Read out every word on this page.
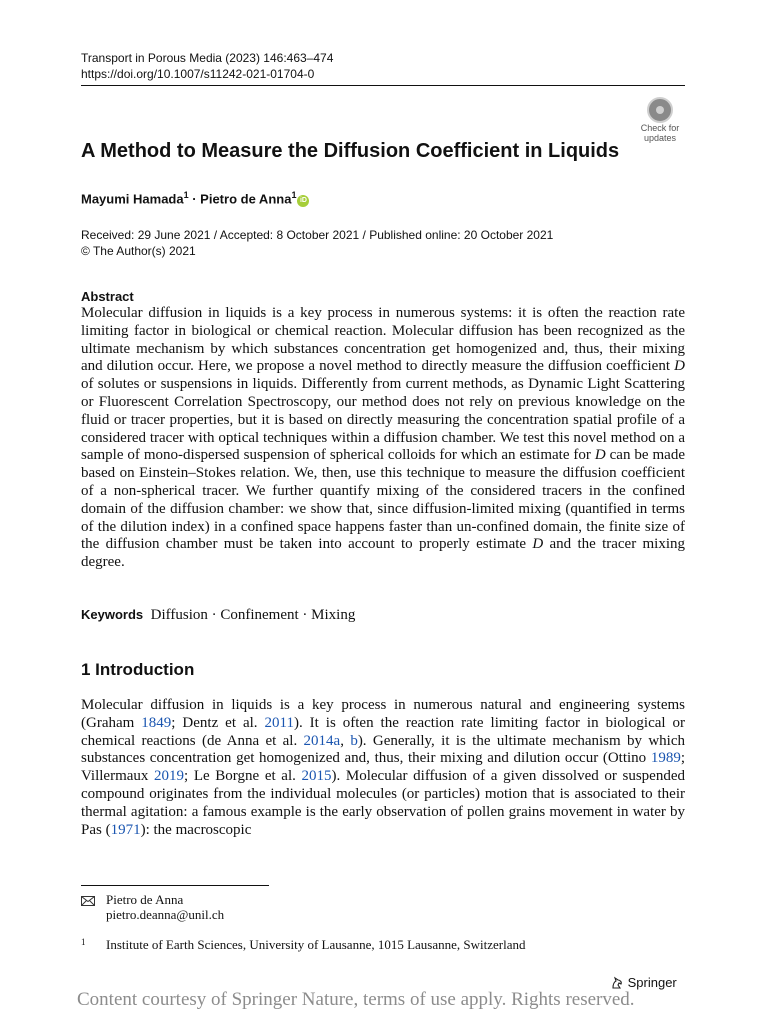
Transport in Porous Media (2023) 146:463–474
https://doi.org/10.1007/s11242-021-01704-0
Check for
updates
A Method to Measure the Diffusion Coefficient in Liquids
Mayumi Hamada$^1$ · Pietro de Anna$^1$iD
Received: 29 June 2021 / Accepted: 8 October 2021 / Published online: 20 October 2021
© The Author(s) 2021
Abstract
Molecular diffusion in liquids is a key process in numerous systems: it is often the reaction rate limiting factor in biological or chemical reaction. Molecular diffusion has been recognized as the ultimate mechanism by which substances concentration get homogenized and, thus, their mixing and dilution occur. Here, we propose a novel method to directly measure the diffusion coefficient D of solutes or suspensions in liquids. Differently from current methods, as Dynamic Light Scattering or Fluorescent Correlation Spectroscopy, our method does not rely on previous knowledge on the fluid or tracer properties, but it is based on directly measuring the concentration spatial profile of a considered tracer with optical techniques within a diffusion chamber. We test this novel method on a sample of mono-dispersed suspension of spherical colloids for which an estimate for D can be made based on Einstein–Stokes relation. We, then, use this technique to measure the diffusion coefficient of a non-spherical tracer. We further quantify mixing of the considered tracers in the confined domain of the diffusion chamber: we show that, since diffusion-limited mixing (quantified in terms of the dilution index) in a confined space happens faster than un-confined domain, the finite size of the diffusion chamber must be taken into account to properly estimate D and the tracer mixing degree.
Keywords Diffusion · Confinement · Mixing
1 Introduction
Molecular diffusion in liquids is a key process in numerous natural and engineering systems (Graham 1849; Dentz et al. 2011). It is often the reaction rate limiting factor in biological or chemical reactions (de Anna et al. 2014a, b). Generally, it is the ultimate mechanism by which substances concentration get homogenized and, thus, their mixing and dilution occur (Ottino 1989; Villermaux 2019; Le Borgne et al. 2015). Molecular diffusion of a given dissolved or suspended compound originates from the individual molecules (or particles) motion that is associated to their thermal agitation: a famous example is the early observation of pollen grains movement in water by Pas (1971): the macroscopic
Pietro de Anna
pietro.deanna@unil.ch
1 Institute of Earth Sciences, University of Lausanne, 1015 Lausanne, Switzerland
Springer
Content courtesy of Springer Nature, terms of use apply. Rights reserved.
